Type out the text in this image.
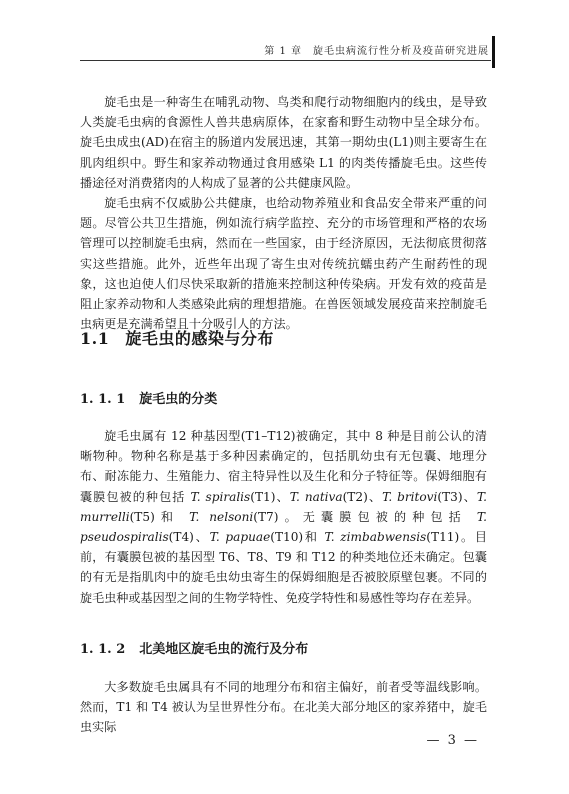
第 1 章　旋毛虫病流行性分析及疫苗研究进展

旋毛虫是一种寄生在哺乳动物、鸟类和爬行动物细胞内的线虫，是导致人类旋毛虫病的食源性人兽共患病原体，在家畜和野生动物中呈全球分布。旋毛虫成虫(AD)在宿主的肠道内发展迅速，其第一期幼虫(L1)则主要寄生在肌肉组织中。野生和家养动物通过食用感染 L1 的肉类传播旋毛虫。这些传播途径对消费猪肉的人构成了显著的公共健康风险。

旋毛虫病不仅威胁公共健康，也给动物养殖业和食品安全带来严重的问题。尽管公共卫生措施，例如流行病学监控、充分的市场管理和严格的农场管理可以控制旋毛虫病，然而在一些国家，由于经济原因，无法彻底贯彻落实这些措施。此外，近些年出现了寄生虫对传统抗蠕虫药产生耐药性的现象，这也迫使人们尽快采取新的措施来控制这种传染病。开发有效的疫苗是阻止家养动物和人类感染此病的理想措施。在兽医领域发展疫苗来控制旋毛虫病更是充满希望且十分吸引人的方法。

1.1 旋毛虫的感染与分布
1. 1. 1 旋毛虫的分类

旋毛虫属有 12 种基因型(T1–T12)被确定，其中 8 种是目前公认的清晰物种。物种名称是基于多种因素确定的，包括肌幼虫有无包囊、地理分布、耐冻能力、生殖能力、宿主特异性以及生化和分子特征等。保姆细胞有囊膜包被的种包括 T. spiralis(T1)、T. nativa(T2)、T. britovi(T3)、T. murrelli(T5)和 T. nelsoni(T7)。无囊膜包被的种包括 T. pseudospiralis(T4)、T. papuae(T10)和 T. zimbabwensis(T11)。目前，有囊膜包被的基因型 T6、T8、T9 和 T12 的种类地位还未确定。包囊的有无是指肌肉中的旋毛虫幼虫寄生的保姆细胞是否被胶原壁包裹。不同的旋毛虫种或基因型之间的生物学特性、免疫学特性和易感性等均存在差异。

1. 1. 2 北美地区旋毛虫的流行及分布

大多数旋毛虫属具有不同的地理分布和宿主偏好，前者受等温线影响。然而，T1 和 T4 被认为呈世界性分布。在北美大部分地区的家养猪中，旋毛虫实际

— 3 —
